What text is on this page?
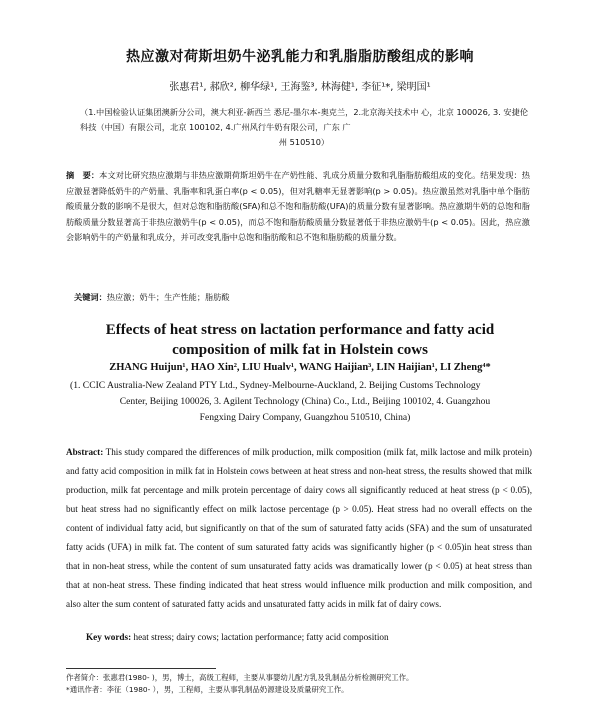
热应激对荷斯坦奶牛泌乳能力和乳脂脂肪酸组成的影响
张惠君¹, 郝欣², 柳华绿¹, 王海鉴³, 林海健¹, 李征¹*, 梁明国¹
（1.中国检验认证集团澳新分公司，澳大利亚-新西兰 悉尼-墨尔本-奥克兰，2.北京海关技术中 心，北京 100026, 3. 安捷伦科技（中国）有限公司，北京 100102, 4.广州风行牛奶有限公司，广东 广
州 510510）
摘　要：本文对比研究热应激期与非热应激期荷斯坦奶牛在产奶性能、乳成分质量分数和乳脂脂肪酸组成的变化。结果发现：热应激显著降低奶牛的产奶量、乳脂率和乳蛋白率(p < 0.05)，但对乳糖率无显著影响(p > 0.05)。热应激虽然对乳脂中单个脂肪酸质量分数的影响不是很大，但对总饱和脂肪酸(SFA)和总不饱和脂肪酸(UFA)的质量分数有显著影响。热应激期牛奶的总饱和脂肪酸质量分数显著高于非热应激奶牛(p < 0.05)，而总不饱和脂肪酸质量分数显著低于非热应激奶牛(p < 0.05)。因此，热应激会影响奶牛的产奶量和乳成分，并可改变乳脂中总饱和脂肪酸和总不饱和脂肪酸的质量分数。
关键词：热应激；奶牛；生产性能；脂肪酸
Effects of heat stress on lactation performance and fatty acid
composition of milk fat in Holstein cows
ZHANG Huijun¹, HAO Xin², LIU Hualv¹, WANG Haijian³, LIN Haijian¹, LI Zheng⁴*
(1. CCIC Australia-New Zealand PTY Ltd., Sydney-Melbourne-Auckland, 2. Beijing Customs Technology
Center, Beijing 100026, 3. Agilent Technology (China) Co., Ltd., Beijing 100102, 4. Guangzhou
Fengxing Dairy Company, Guangzhou 510510, China)
Abstract: This study compared the differences of milk production, milk composition (milk fat, milk lactose and milk protein) and fatty acid composition in milk fat in Holstein cows between at heat stress and non-heat stress, the results showed that milk production, milk fat percentage and milk protein percentage of dairy cows all significantly reduced at heat stress (p < 0.05), but heat stress had no significantly effect on milk lactose percentage (p > 0.05). Heat stress had no overall effects on the content of individual fatty acid, but significantly on that of the sum of saturated fatty acids (SFA) and the sum of unsaturated fatty acids (UFA) in milk fat. The content of sum saturated fatty acids was significantly higher (p < 0.05)in heat stress than that in non-heat stress, while the content of sum unsaturated fatty acids was dramatically lower (p < 0.05) at heat stress than that at non-heat stress. These finding indicated that heat stress would influence milk production and milk composition, and also alter the sum content of saturated fatty acids and unsaturated fatty acids in milk fat of dairy cows.
Key words: heat stress; dairy cows; lactation performance; fatty acid composition
作者简介：张惠君(1980- )，男，博士，高级工程师，主要从事婴幼儿配方乳及乳制品分析检测研究工作。
*通讯作者：李征（1980- ），男，工程师，主要从事乳制品奶源建设及质量研究工作。
